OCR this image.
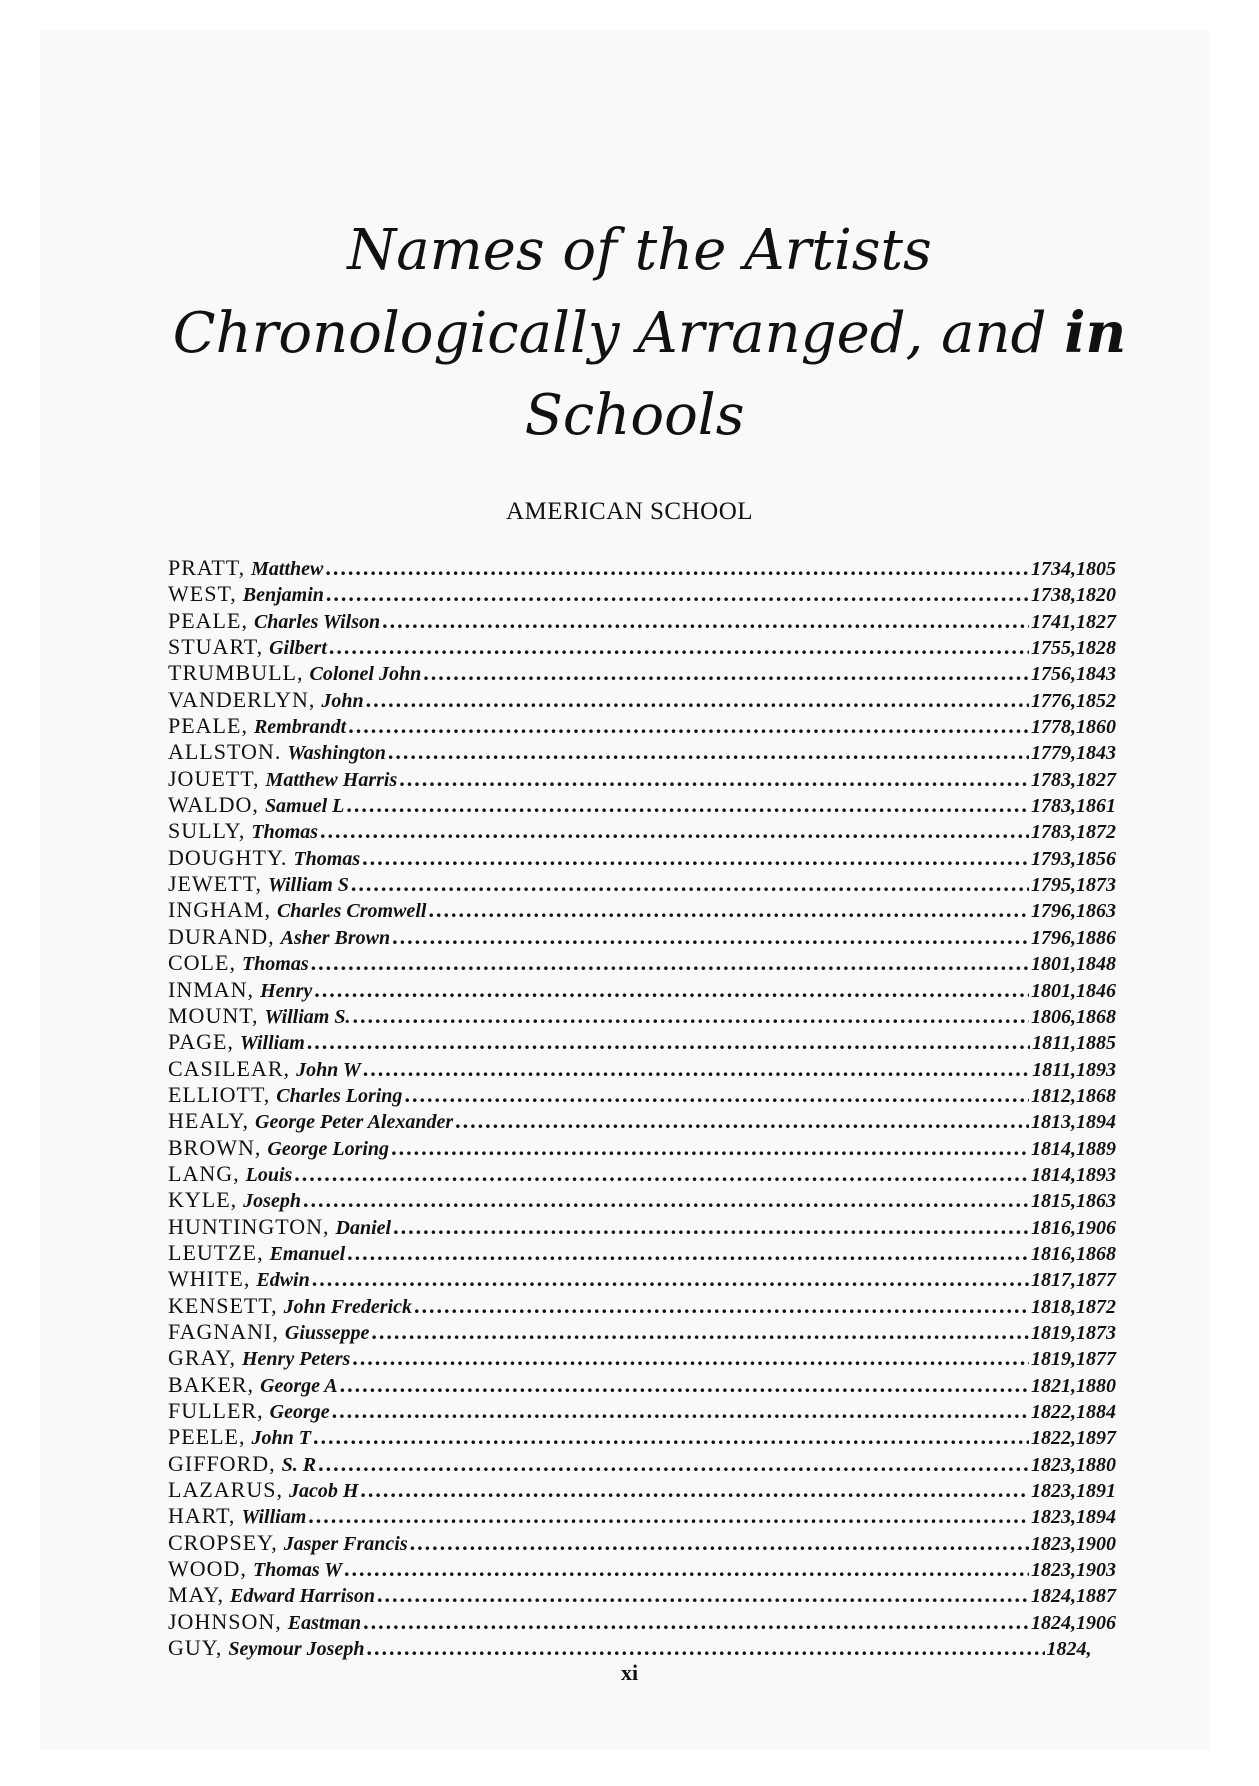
Names of the Artists
Chronologically Arranged, and in
Schools
AMERICAN SCHOOL
PRATT, Matthew .....	1734, 1805
WEST, Benjamin .....	1738, 1820
PEALE, Charles Wilson .....	1741, 1827
STUART, Gilbert .....	1755, 1828
TRUMBULL, Colonel John .....	1756, 1843
VANDERLYN, John .....	1776, 1852
PEALE, Rembrandt .....	1778, 1860
ALLSTON. Washington .....	1779, 1843
JOUETT, Matthew Harris .....	1783, 1827
WALDO, Samuel L .....	1783, 1861
SULLY, Thomas .....	1783, 1872
DOUGHTY. Thomas .....	1793, 1856
JEWETT, William S .....	1795, 1873
INGHAM, Charles Cromwell .....	1796, 1863
DURAND, Asher Brown .....	1796, 1886
COLE, Thomas .....	1801, 1848
INMAN, Henry .....	1801, 1846
MOUNT, William S. .....	1806, 1868
PAGE, William .....	1811, 1885
CASILEAR, John W .....	1811, 1893
ELLIOTT, Charles Loring .....	1812, 1868
HEALY, George Peter Alexander .....	1813, 1894
BROWN, George Loring .....	1814, 1889
LANG, Louis .....	1814, 1893
KYLE, Joseph .....	1815, 1863
HUNTINGTON, Daniel .....	1816, 1906
LEUTZE, Emanuel .....	1816, 1868
WHITE, Edwin .....	1817, 1877
KENSETT, John Frederick .....	1818, 1872
FAGNANI, Giusseppe .....	1819, 1873
GRAY, Henry Peters .....	1819, 1877
BAKER, George A .....	1821, 1880
FULLER, George .....	1822, 1884
PEELE, John T .....	1822, 1897
GIFFORD, S. R .....	1823, 1880
LAZARUS, Jacob H .....	1823, 1891
HART, William .....	1823, 1894
CROPSEY, Jasper Francis .....	1823, 1900
WOOD, Thomas W .....	1823, 1903
MAY, Edward Harrison .....	1824, 1887
JOHNSON, Eastman .....	1824, 1906
GUY, Seymour Joseph .....	1824,
xi
